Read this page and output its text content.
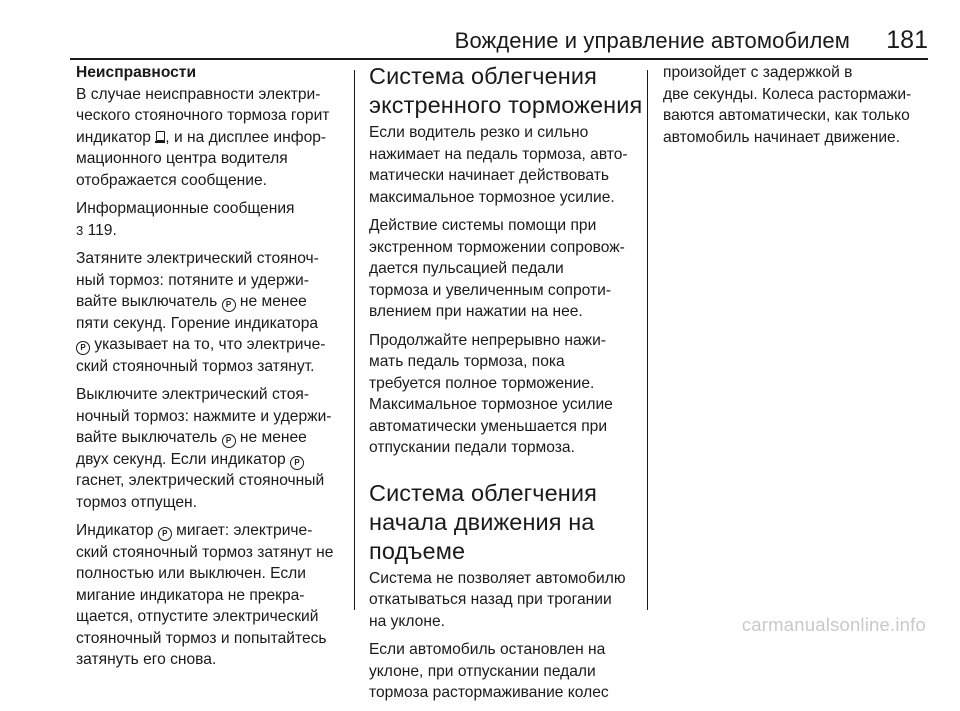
Вождение и управление автомобилем 181
Неисправности
В случае неисправности электри-
ческого стояночного тормоза горит
индикатор , и на дисплее инфор-
мационного центра водителя
отображается сообщение.
Информационные сообщения
3 119.
Затяните электрический стояноч-
ный тормоз: потяните и удержи-
вайте выключатель P не менее
пяти секунд. Горение индикатора
P указывает на то, что электриче-
ский стояночный тормоз затянут.
Выключите электрический стоя-
ночный тормоз: нажмите и удержи-
вайте выключатель P не менее
двух секунд. Если индикатор P
гаснет, электрический стояночный
тормоз отпущен.
Индикатор P мигает: электриче-
ский стояночный тормоз затянут не
полностью или выключен. Если
мигание индикатора не прекра-
щается, отпустите электрический
стояночный тормоз и попытайтесь
затянуть его снова.
Система облегчения
экстренного торможения
Если водитель резко и сильно
нажимает на педаль тормоза, авто-
матически начинает действовать
максимальное тормозное усилие.
Действие системы помощи при
экстренном торможении сопровож-
дается пульсацией педали
тормоза и увеличенным сопроти-
влением при нажатии на нее.
Продолжайте непрерывно нажи-
мать педаль тормоза, пока
требуется полное торможение.
Максимальное тормозное усилие
автоматически уменьшается при
отпускании педали тормоза.
Система облегчения
начала движения на
подъеме
Система не позволяет автомобилю
откатываться назад при трогании
на уклоне.
Если автомобиль остановлен на
уклоне, при отпускании педали
тормоза растормаживание колес
произойдет с задержкой в
две секунды. Колеса растормажи-
ваются автоматически, как только
автомобиль начинает движение.
carmanualsonline.info
